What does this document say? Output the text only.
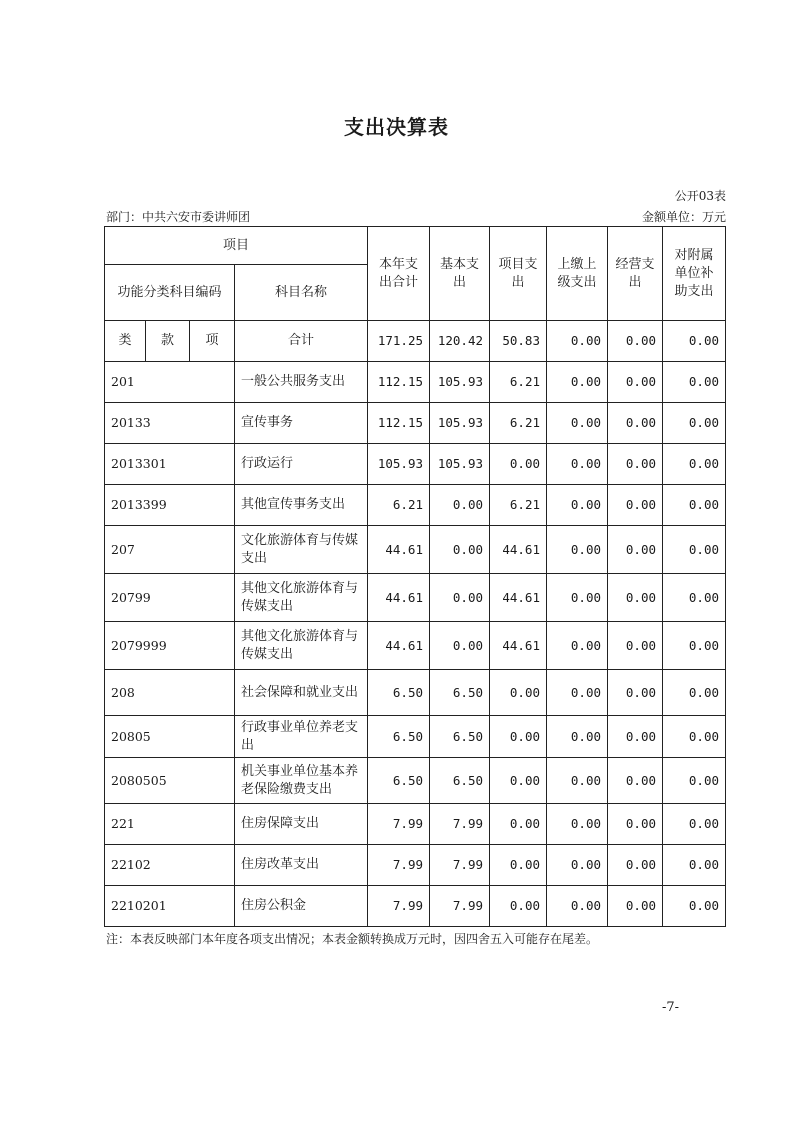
支出决算表
公开03表
部门：中共六安市委讲师团	金额单位：万元
项目				本年支出合计	基本支出	项目支出	上缴上级支出	经营支出	对附属单位补助支出
功能分类科目编码			科目名称						
类	款	项	合计	171.25	120.42	50.83	0.00	0.00	0.00
201			一般公共服务支出	112.15	105.93	6.21	0.00	0.00	0.00
20133			宣传事务	112.15	105.93	6.21	0.00	0.00	0.00
2013301			行政运行	105.93	105.93	0.00	0.00	0.00	0.00
2013399			其他宣传事务支出	6.21	0.00	6.21	0.00	0.00	0.00
207			文化旅游体育与传媒支出	44.61	0.00	44.61	0.00	0.00	0.00
20799			其他文化旅游体育与传媒支出	44.61	0.00	44.61	0.00	0.00	0.00
2079999			其他文化旅游体育与传媒支出	44.61	0.00	44.61	0.00	0.00	0.00
208			社会保障和就业支出	6.50	6.50	0.00	0.00	0.00	0.00
20805			行政事业单位养老支出	6.50	6.50	0.00	0.00	0.00	0.00
2080505			机关事业单位基本养老保险缴费支出	6.50	6.50	0.00	0.00	0.00	0.00
221			住房保障支出	7.99	7.99	0.00	0.00	0.00	0.00
22102			住房改革支出	7.99	7.99	0.00	0.00	0.00	0.00
2210201			住房公积金	7.99	7.99	0.00	0.00	0.00	0.00
注：本表反映部门本年度各项支出情况；本表金额转换成万元时，因四舍五入可能存在尾差。
-7-
